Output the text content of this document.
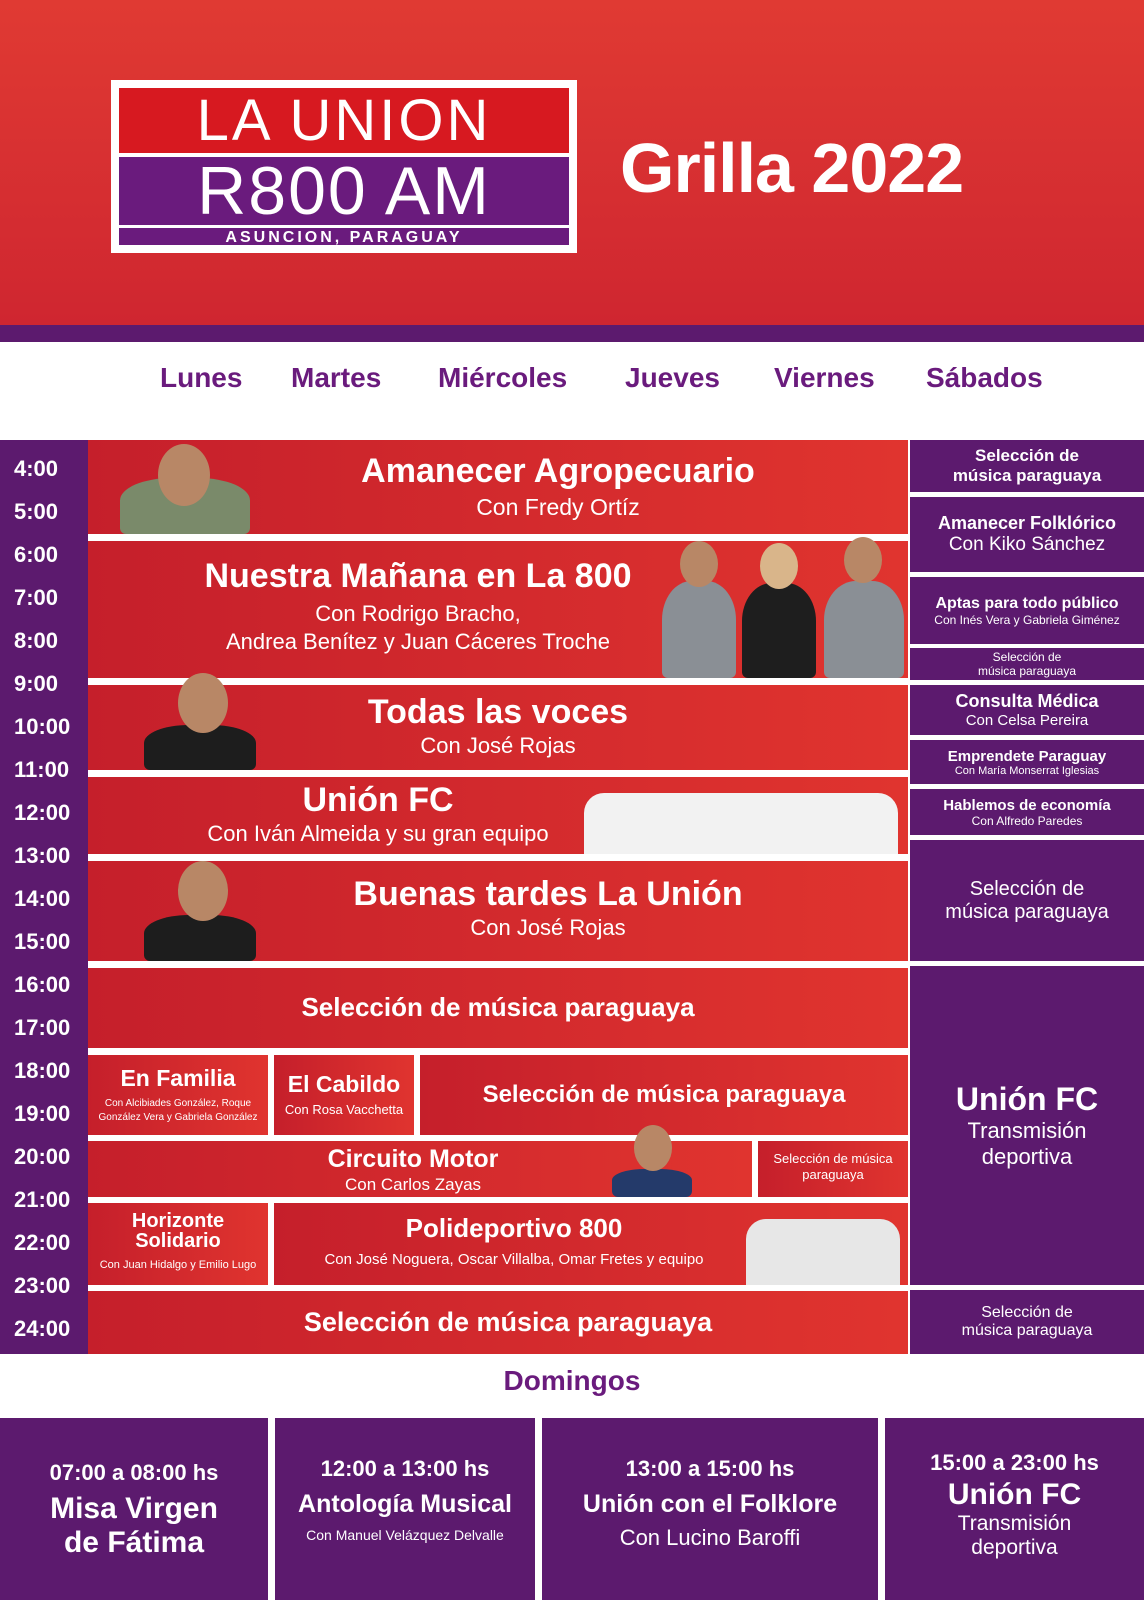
LA UNION
R800 AM
ASUNCION, PARAGUAY
Grilla 2022
Lunes Martes Miércoles Jueves Viernes Sábados
4:00
5:00
6:00
7:00
8:00
9:00
10:00
11:00
12:00
13:00
14:00
15:00
16:00
17:00
18:00
19:00
20:00
21:00
22:00
23:00
24:00
Amanecer Agropecuario
Con Fredy Ortíz
Nuestra Mañana en La 800
Con Rodrigo Bracho,
Andrea Benítez y Juan Cáceres Troche
Todas las voces
Con José Rojas
Unión FC
Con Iván Almeida y su gran equipo
Buenas tardes La Unión
Con José Rojas
Selección de música paraguaya
En Familia
Con Alcibiades González, Roque González Vera y Gabriela González
El Cabildo
Con Rosa Vacchetta
Selección de música paraguaya
Circuito Motor
Con Carlos Zayas
Selección de música paraguaya
Horizonte
Solidario
Con Juan Hidalgo y Emilio Lugo
Polideportivo 800
Con José Noguera, Oscar Villalba, Omar Fretes y equipo
Selección de música paraguaya
Selección de
música paraguaya
Amanecer Folklórico
Con Kiko Sánchez
Aptas para todo público
Con Inés Vera y Gabriela Giménez
Selección de
música paraguaya
Consulta Médica
Con Celsa Pereira
Emprendete Paraguay
Con María Monserrat Iglesias
Hablemos de economía
Con Alfredo Paredes
Selección de
música paraguaya
Unión FC
Transmisión
deportiva
Selección de
música paraguaya
Domingos
07:00 a 08:00 hs
Misa Virgen
de Fátima
12:00 a 13:00 hs
Antología Musical
Con Manuel Velázquez Delvalle
13:00 a 15:00 hs
Unión con el Folklore
Con Lucino Baroffi
15:00 a 23:00 hs
Unión FC
Transmisión
deportiva
